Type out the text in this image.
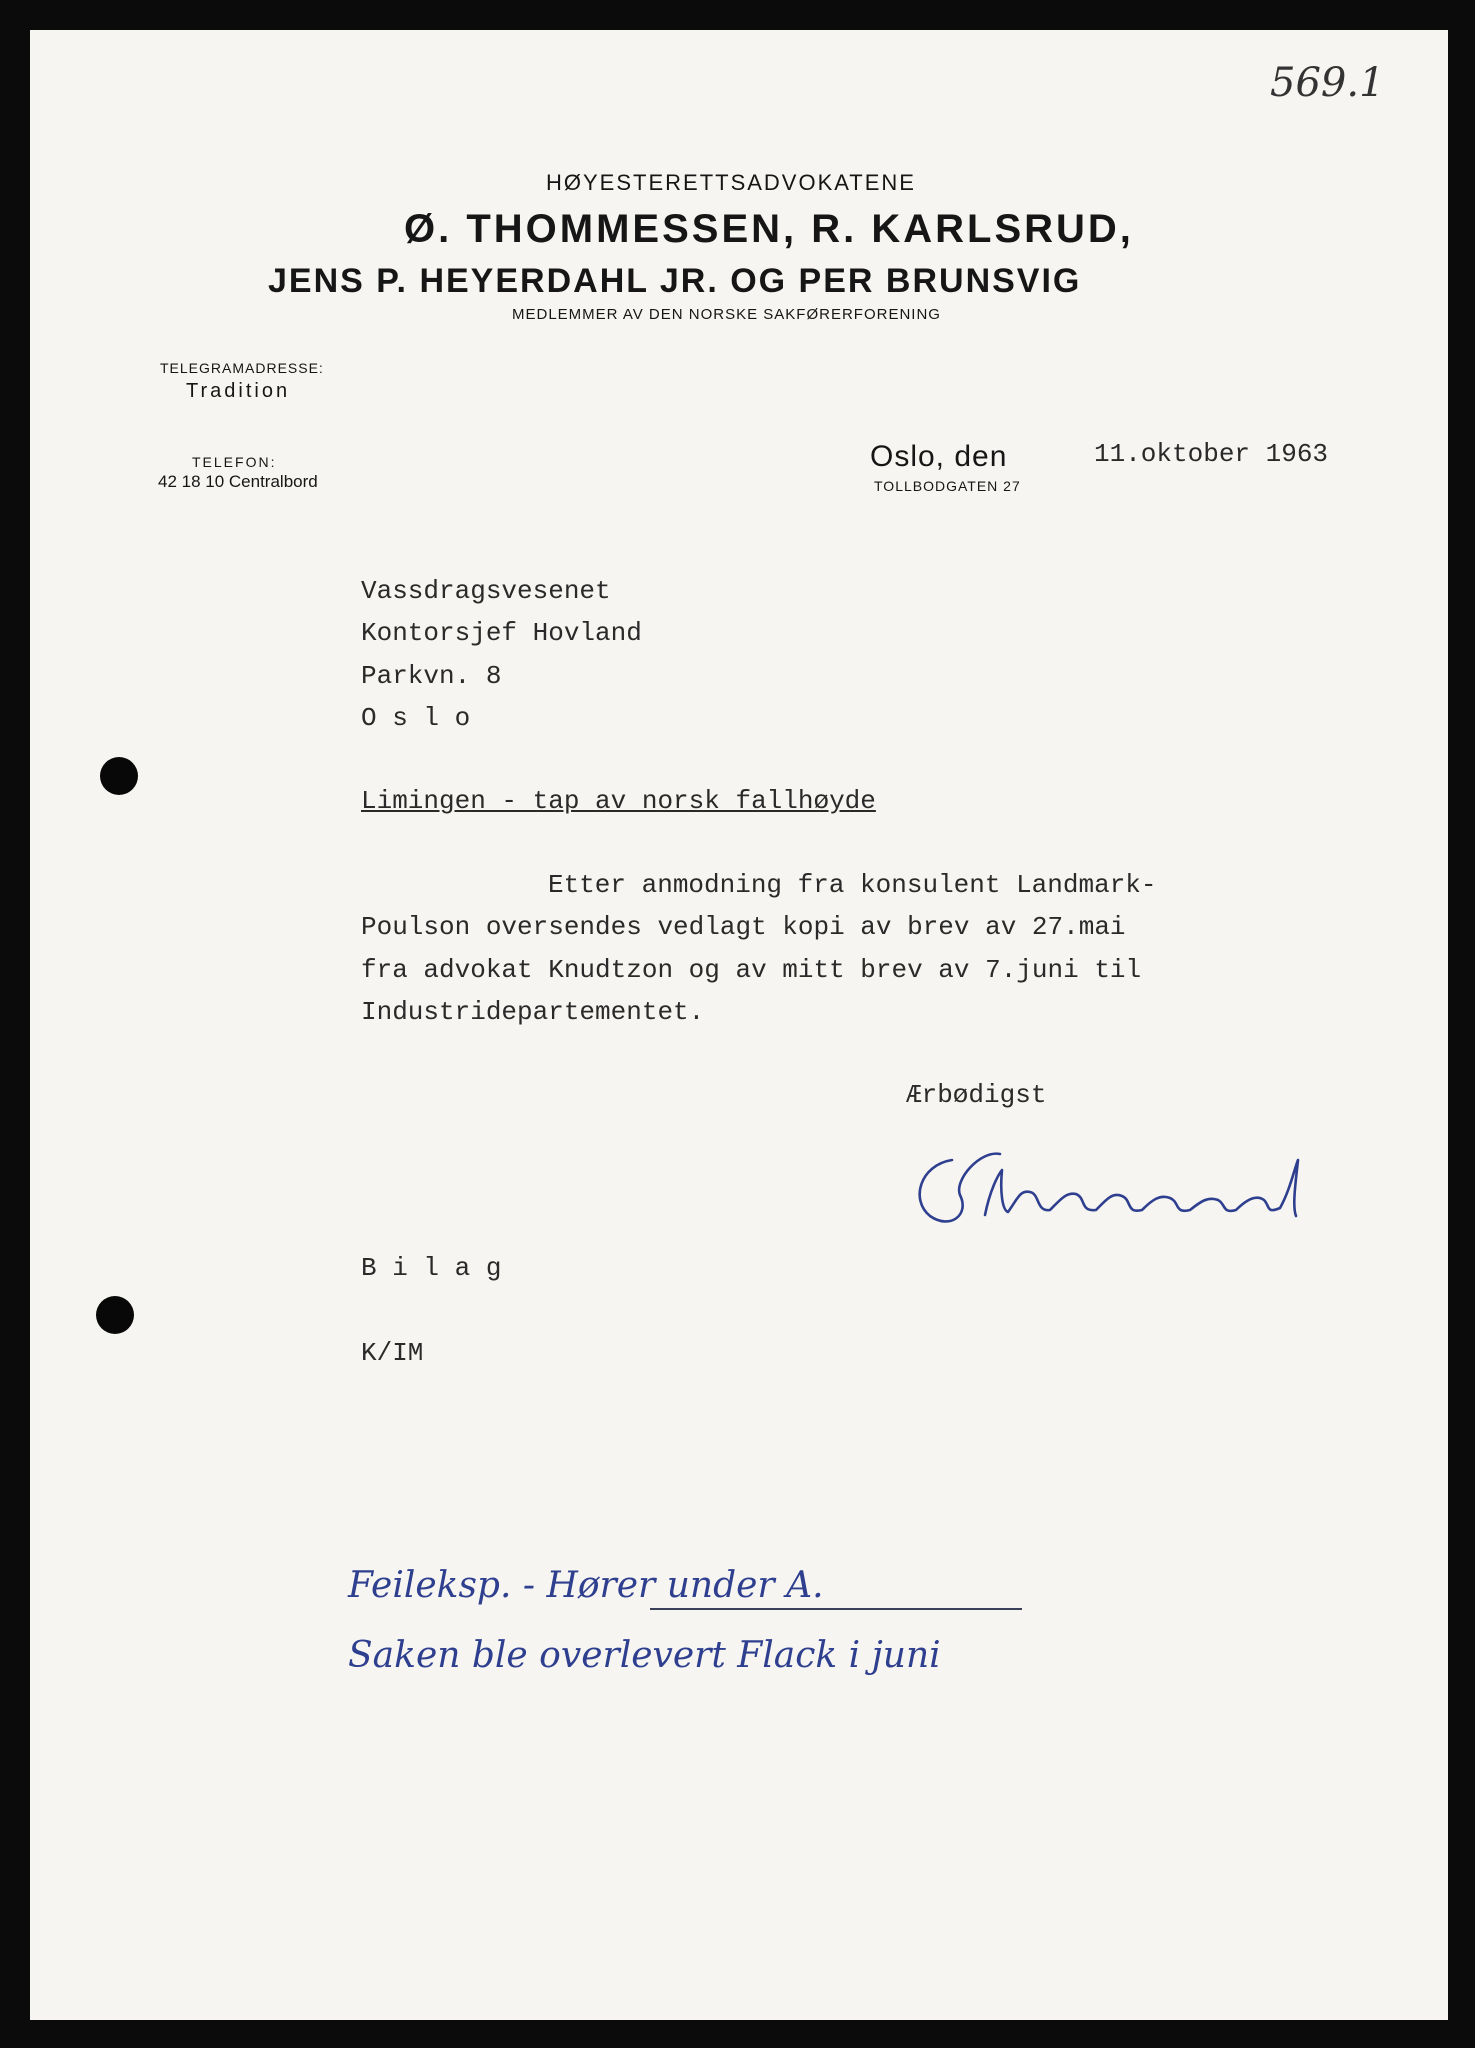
569.1
HØYESTERETTSADVOKATENE
Ø. THOMMESSEN, R. KARLSRUD,
JENS P. HEYERDAHL JR. OG PER BRUNSVIG
MEDLEMMER AV DEN NORSKE SAKFØRERFORENING
TELEGRAMADRESSE:
Tradition
TELEFON:
42 18 10 Centralbord
Oslo, den
TOLLBODGATEN 27
11.oktober 1963
Vassdragsvesenet
Kontorsjef Hovland
Parkvn. 8
O s l o
Limingen - tap av norsk fallhøyde
Etter anmodning fra konsulent Landmark-
Poulson oversendes vedlagt kopi av brev av 27.mai
fra advokat Knudtzon og av mitt brev av 7.juni til
Industridepartementet.
Ærbødigst
B i l a g
K/IM
Feileksp. - Hører under A.
Saken ble overlevert Flack i juni
